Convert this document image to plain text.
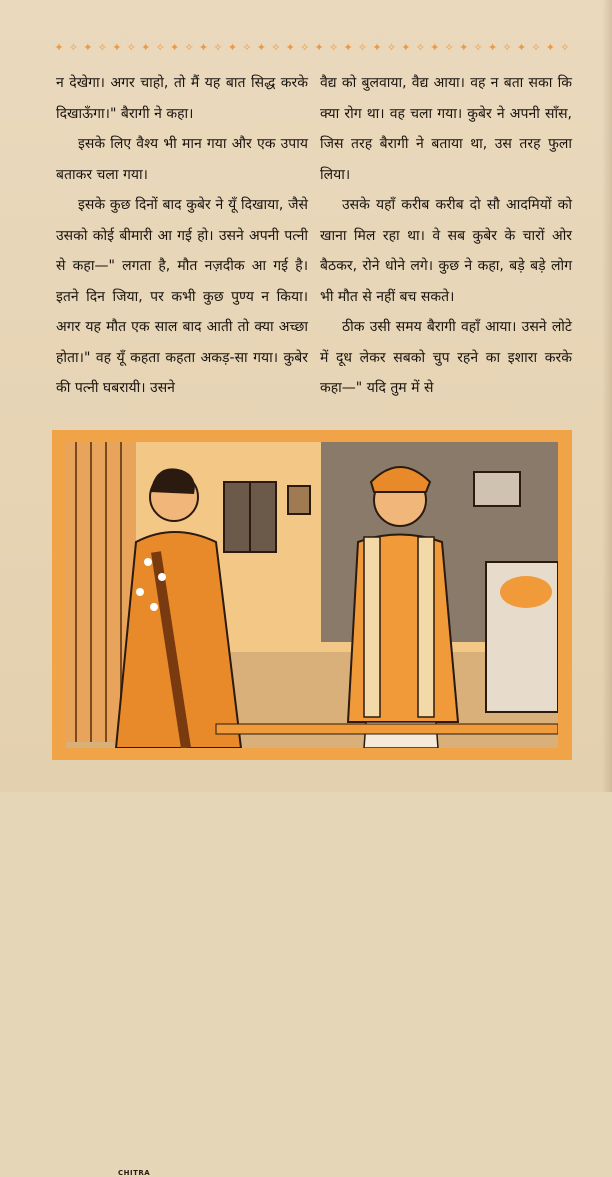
✦ ✧ ✦ ✧ ✦ ✧ ✦ ✧ ✦ ✧ ✦ ✧ ✦ ✧ ✦ ✧ ✦ ✧ ✦ ✧ ✦ ✧ ✦ ✧ ✦ ✧ ✦ ✧ ✦ ✧ ✦ ✧ ✦ ✧ ✦ ✧

न देखेगा। अगर चाहो, तो मैं यह बात सिद्ध करके दिखाऊँगा।" बैरागी ने कहा।

इसके लिए वैश्य भी मान गया और एक उपाय बताकर चला गया।

इसके कुछ दिनों बाद कुबेर ने यूँ दिखाया, जैसे उसको कोई बीमारी आ गई हो। उसने अपनी पत्नी से कहा—" लगता है, मौत नज़दीक आ गई है। इतने दिन जिया, पर कभी कुछ पुण्य न किया। अगर यह मौत एक साल बाद आती तो क्या अच्छा होता।" वह यूँ कहता कहता अकड़-सा गया। कुबेर की पत्नी घबरायी। उसने

वैद्य को बुलवाया, वैद्य आया। वह न बता सका कि क्या रोग था। वह चला गया। कुबेर ने अपनी साँस, जिस तरह बैरागी ने बताया था, उस तरह फुला लिया।

उसके यहाँ करीब करीब दो सौ आदमियों को खाना मिल रहा था। वे सब कुबेर के चारों ओर बैठकर, रोने धोने लगे। कुछ ने कहा, बड़े बड़े लोग भी मौत से नहीं बच सकते।

ठीक उसी समय बैरागी वहाँ आया। उसने लोटे में दूध लेकर सबको चुप रहने का इशारा करके कहा—" यदि तुम में से

CHITRA
